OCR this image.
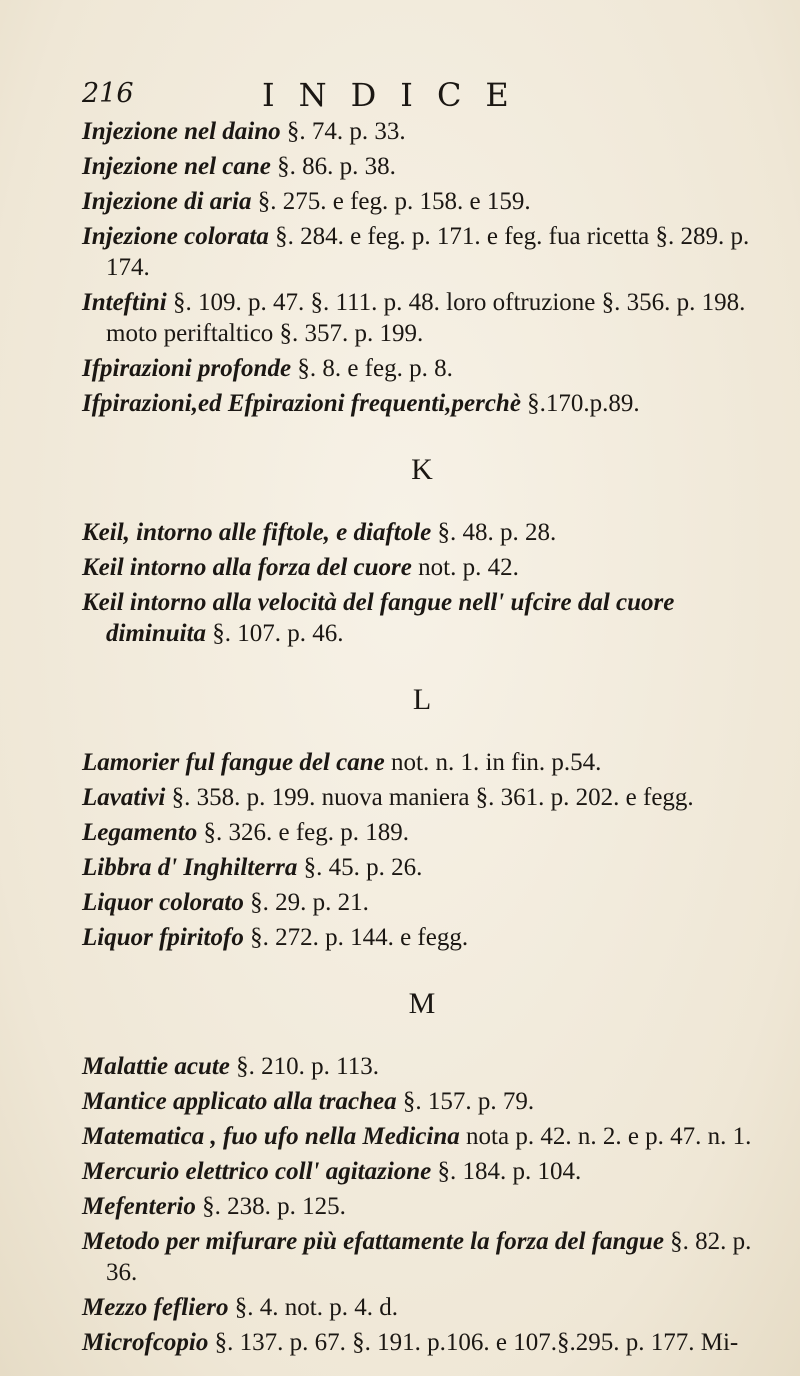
216	INDICE

Injezione nel daino §. 74. p. 33.

Injezione nel cane §. 86. p. 38.

Injezione di aria §. 275. e feg. p. 158. e 159.

Injezione colorata §. 284. e feg. p. 171. e feg. fua ricetta §. 289. p. 174.

Inteftini §. 109. p. 47. §. 111. p. 48. loro oftruzione §. 356. p. 198. moto periftaltico §. 357. p. 199.

Ifpirazioni profonde §. 8. e feg. p. 8.

Ifpirazioni,ed Efpirazioni frequenti,perchè §.170.p.89.

K

Keil, intorno alle fiftole, e diaftole §. 48. p. 28.

Keil intorno alla forza del cuore not. p. 42.

Keil intorno alla velocità del fangue nell' ufcire dal cuore diminuita §. 107. p. 46.

L

Lamorier ful fangue del cane not. n. 1. in fin. p.54.

Lavativi §. 358. p. 199. nuova maniera §. 361. p. 202. e fegg.

Legamento §. 326. e feg. p. 189.

Libbra d' Inghilterra §. 45. p. 26.

Liquor colorato §. 29. p. 21.

Liquor fpiritofo §. 272. p. 144. e fegg.

M

Malattie acute §. 210. p. 113.

Mantice applicato alla trachea §. 157. p. 79.

Matematica , fuo ufo nella Medicina nota p. 42. n. 2. e p. 47. n. 1.

Mercurio elettrico coll' agitazione §. 184. p. 104.

Mefenterio §. 238. p. 125.

Metodo per mifurare più efattamente la forza del fangue §. 82. p. 36.

Mezzo fefliero §. 4. not. p. 4. d.

Microfcopio §. 137. p. 67. §. 191. p.106. e 107.§.295. p. 177. Mi-
